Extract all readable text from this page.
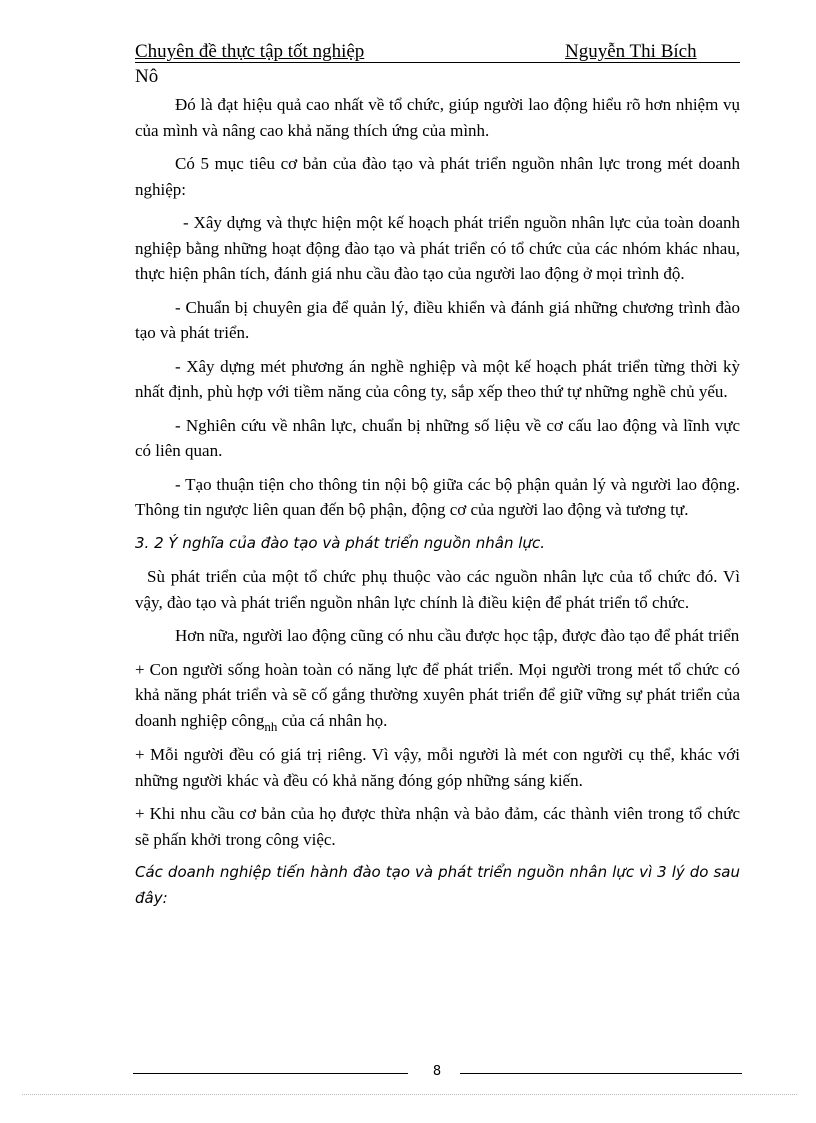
Chuyên đề thực tập tốt nghiệp	Nguyễn Thi Bích
Nô

Đó là đạt hiệu quả cao nhất về tổ chức, giúp người lao động hiểu rõ hơn nhiệm vụ của mình và nâng cao khả năng thích ứng của mình.

Có 5 mục tiêu cơ bản của đào tạo và phát triển nguồn nhân lực trong mét doanh nghiệp:

- Xây dựng và thực hiện một kế hoạch phát triển nguồn nhân lực của toàn doanh nghiệp bằng những hoạt động đào tạo và phát triển có tổ chức của các nhóm khác nhau, thực hiện phân tích, đánh giá nhu cầu đào tạo của người lao động ở mọi trình độ.

- Chuẩn bị chuyên gia để quản lý, điều khiển và đánh giá những chương trình đào tạo và phát triển.

- Xây dựng mét phương án nghề nghiệp và một kế hoạch phát triển từng thời kỳ nhất định, phù hợp với tiềm năng của công ty, sắp xếp theo thứ tự những nghề chủ yếu.

- Nghiên cứu về nhân lực, chuẩn bị những số liệu về cơ cấu lao động và lĩnh vực có liên quan.

- Tạo thuận tiện cho thông tin nội bộ giữa các bộ phận quản lý và người lao động. Thông tin ngược liên quan đến bộ phận, động cơ của người lao động và tương tự.

3. 2 Ý nghĩa của đào tạo và phát triển nguồn nhân lực.

Sù phát triển của một tổ chức phụ thuộc vào các nguồn nhân lực của tổ chức đó. Vì vậy, đào tạo và phát triển nguồn nhân lực chính là điều kiện để phát triển tổ chức.

Hơn nữa, người lao động cũng có nhu cầu được học tập, được đào tạo để phát triển

+ Con người sống hoàn toàn có năng lực để phát triển. Mọi người trong mét tổ chức có khả năng phát triển và sẽ cố gắng thường xuyên phát triển để giữ vững sự phát triển của doanh nghiệp công$_{nh}$ của cá nhân họ.

+ Mỗi người đều có giá trị riêng. Vì vậy, mỗi người là mét con người cụ thể, khác với những người khác và đều có khả năng đóng góp những sáng kiến.

+ Khi nhu cầu cơ bản của họ được thừa nhận và bảo đảm, các thành viên trong tổ chức sẽ phấn khởi trong công việc.

Các doanh nghiệp tiến hành đào tạo và phát triển nguồn nhân lực vì 3 lý do sau đây:

8
